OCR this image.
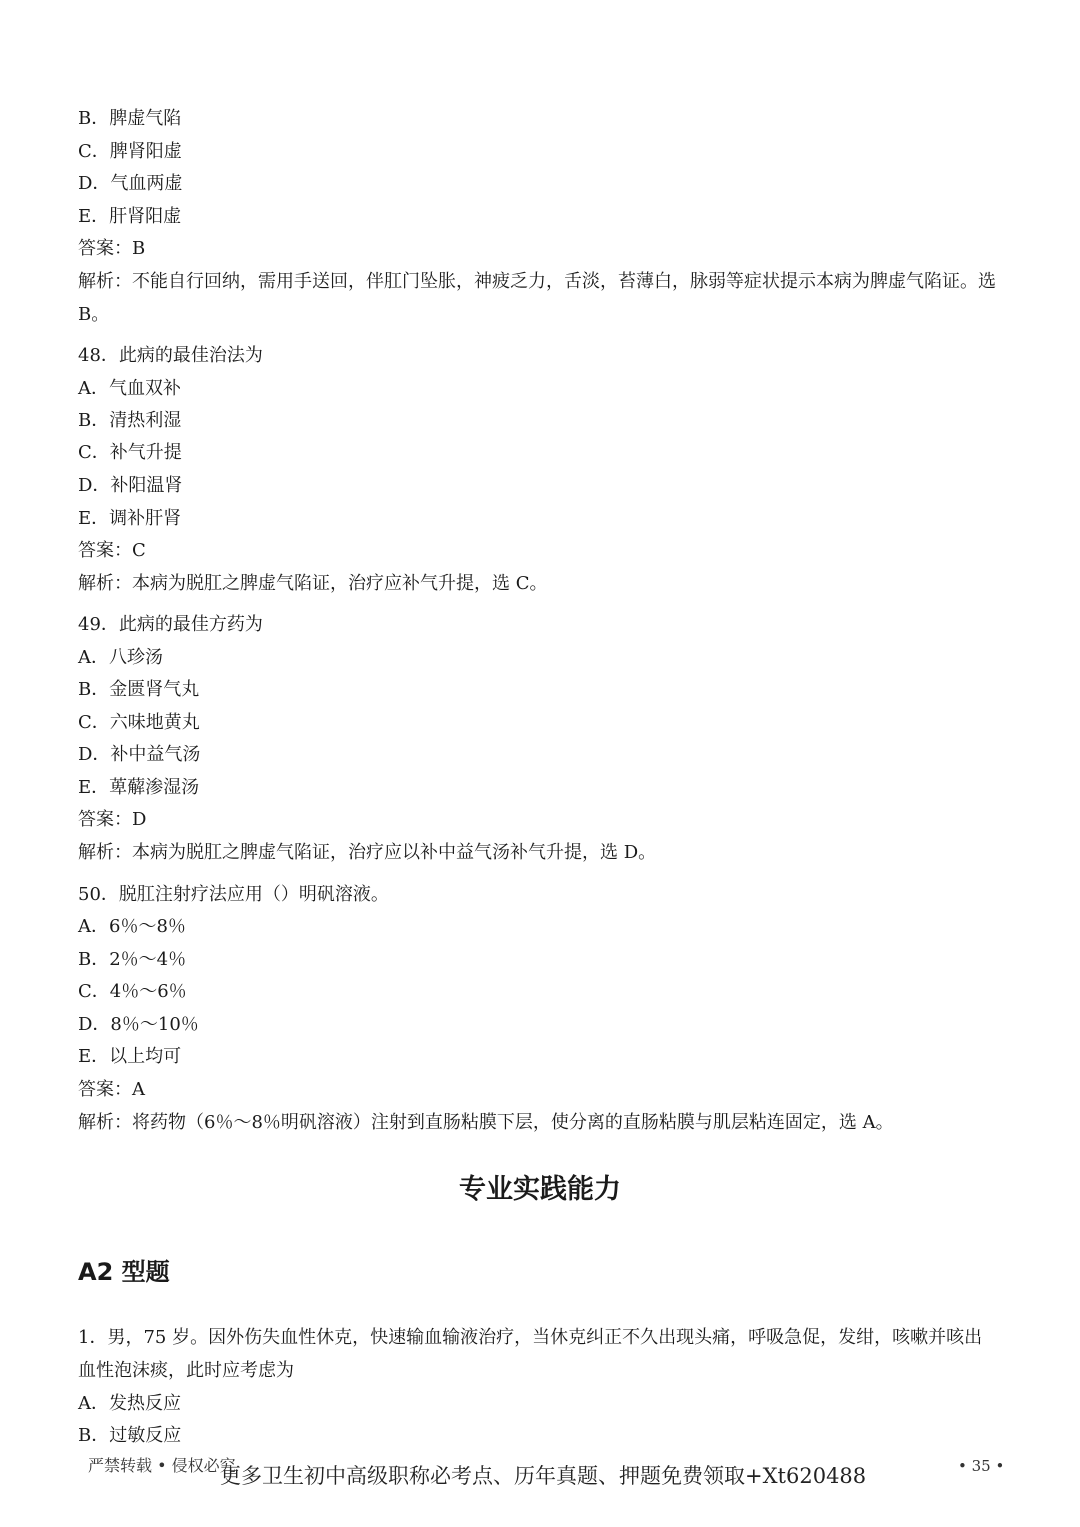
B．脾虚气陷
C．脾肾阳虚
D．气血两虚
E．肝肾阳虚
答案：B
解析：不能自行回纳，需用手送回，伴肛门坠胀，神疲乏力，舌淡，苔薄白，脉弱等症状提示本病为脾虚气陷证。选 B。
48．此病的最佳治法为
A．气血双补
B．清热利湿
C．补气升提
D．补阳温肾
E．调补肝肾
答案：C
解析：本病为脱肛之脾虚气陷证，治疗应补气升提，选 C。
49．此病的最佳方药为
A．八珍汤
B．金匮肾气丸
C．六味地黄丸
D．补中益气汤
E．萆薢渗湿汤
答案：D
解析：本病为脱肛之脾虚气陷证，治疗应以补中益气汤补气升提，选 D。
50．脱肛注射疗法应用（）明矾溶液。
A．6％～8％
B．2％～4％
C．4％～6％
D．8％～10％
E．以上均可
答案：A
解析：将药物（6％～8％明矾溶液）注射到直肠粘膜下层，使分离的直肠粘膜与肌层粘连固定，选 A。
专业实践能力
A2 型题
1．男，75 岁。因外伤失血性休克，快速输血输液治疗，当休克纠正不久出现头痛，呼吸急促，发绀，咳嗽并咳出血性泡沫痰，此时应考虑为
A．发热反应
B．过敏反应
严禁转载 • 侵权必究	• 35 •
更多卫生初中高级职称必考点、历年真题、押题免费领取+Xt620488
